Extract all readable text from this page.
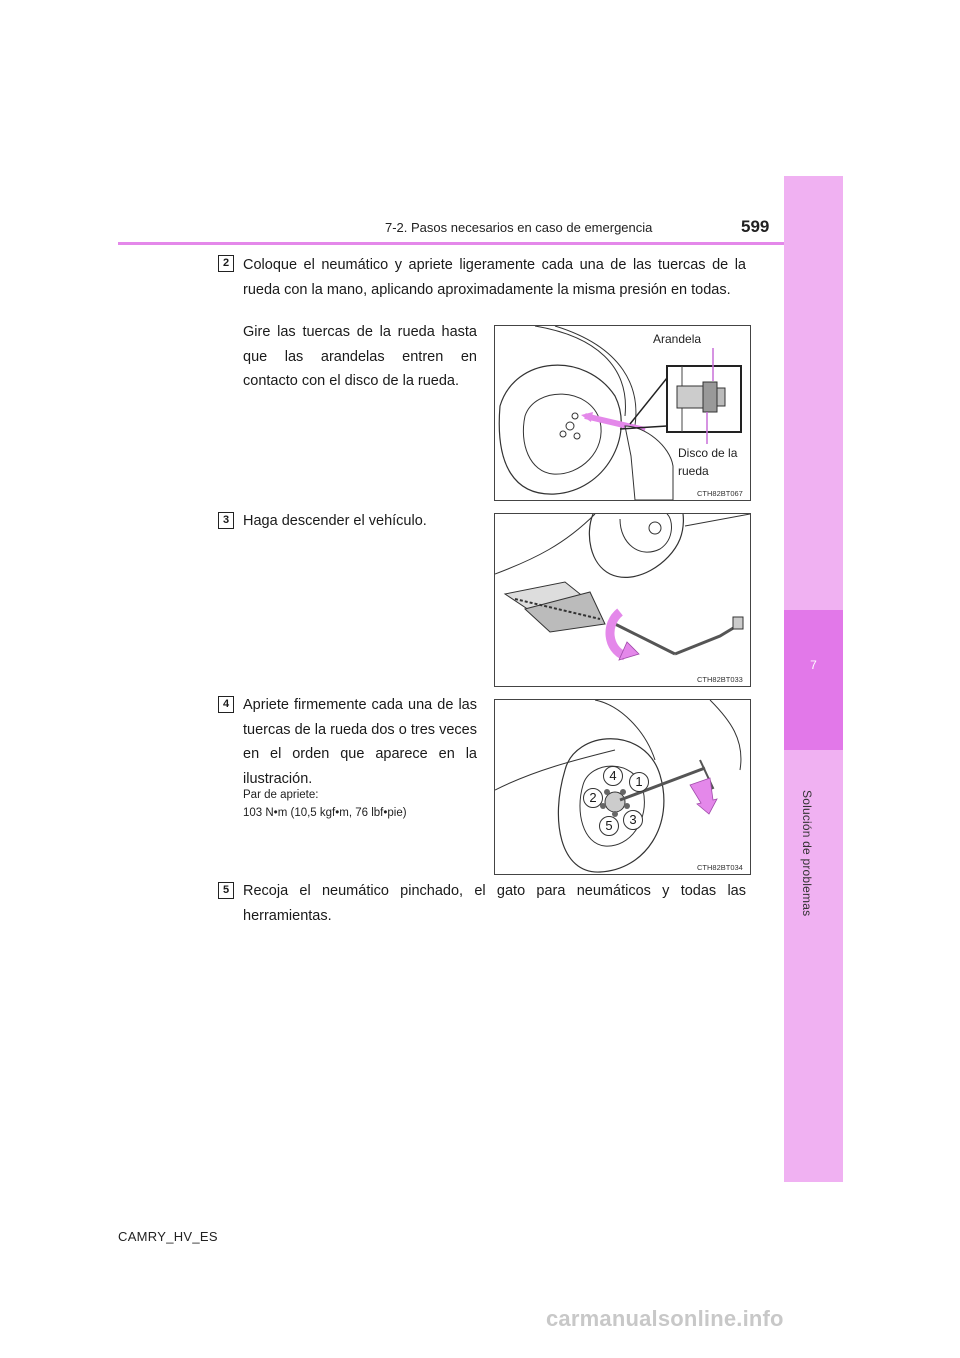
7
Solución de problemas
7-2. Pasos necesarios en caso de emergencia	599
2 Coloque el neumático y apriete ligeramente cada una de las tuercas de la rueda con la mano, aplicando aproximadamente la misma presión en todas.
Gire las tuercas de la rueda hasta que las arandelas entren en contacto con el disco de la rueda.
Arandela
Disco de la
rueda
CTH82BT067
3 Haga descender el vehículo.
CTH82BT033
4 Apriete firmemente cada una de las tuercas de la rueda dos o tres veces en el orden que aparece en la ilustración.
Par de apriete:
103 N•m (10,5 kgf•m, 76 lbf•pie)
4	1
2
3
5
CTH82BT034
5 Recoja el neumático pinchado, el gato para neumáticos y todas las herramientas.
CAMRY_HV_ES
carmanualsonline.info
